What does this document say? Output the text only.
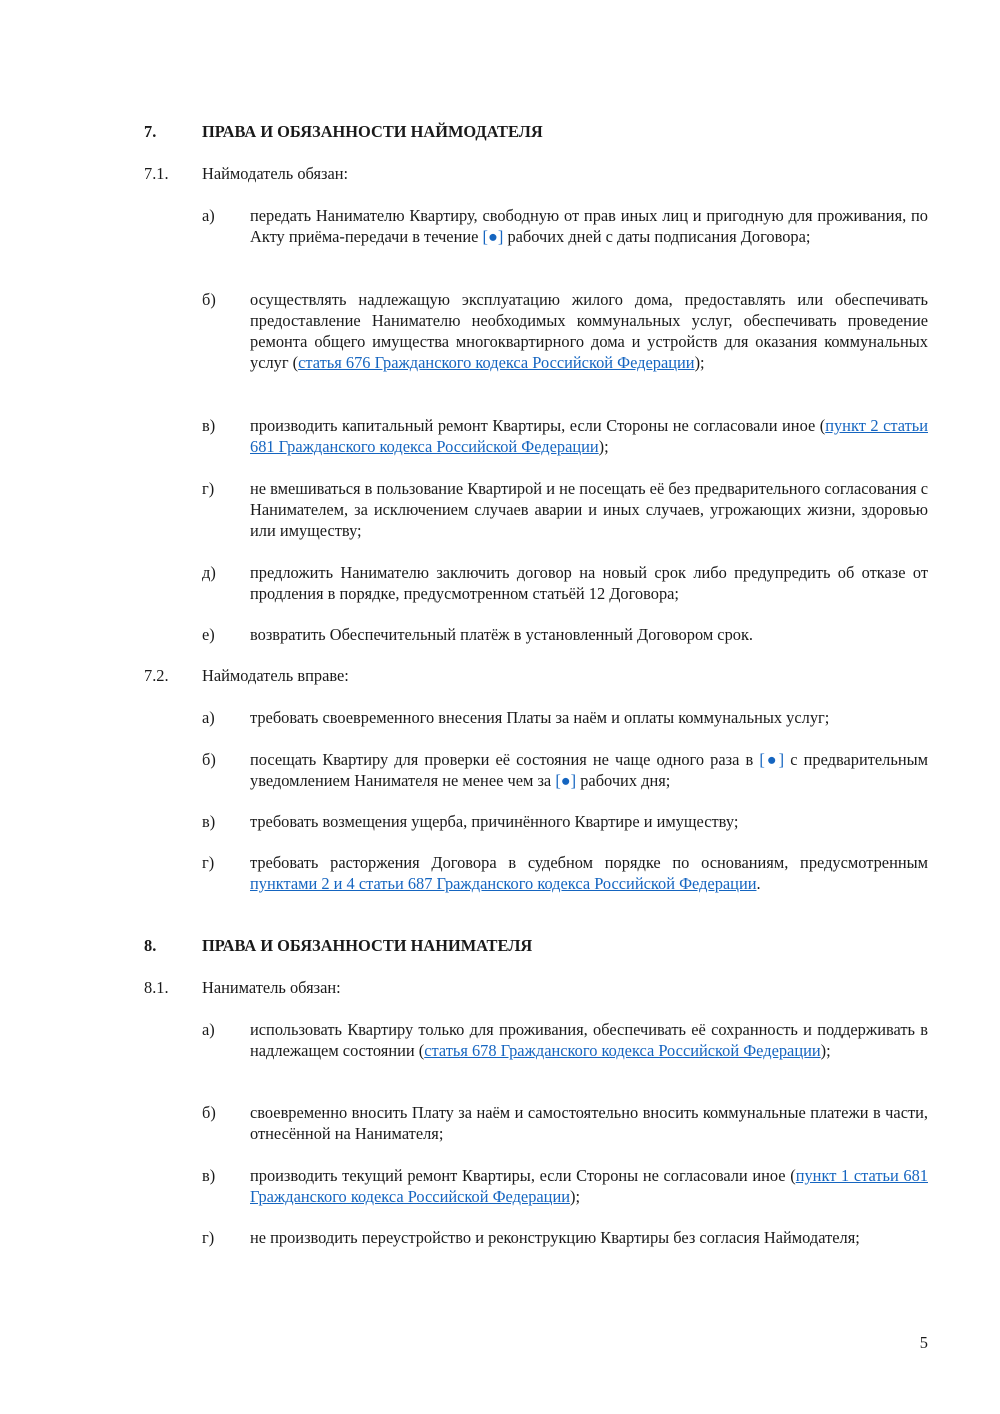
7.	ПРАВА И ОБЯЗАННОСТИ НАЙМОДАТЕЛЯ
7.1. Наймодатель обязан:
а) передать Нанимателю Квартиру, свободную от прав иных лиц и пригодную для проживания, по Акту приёма-передачи в течение [●] рабочих дней с даты подписания Договора;
б) осуществлять надлежащую эксплуатацию жилого дома, предоставлять или обеспечивать предоставление Нанимателю необходимых коммунальных услуг, обеспечивать проведение ремонта общего имущества многоквартирного дома и устройств для оказания коммунальных услуг (статья 676 Гражданского кодекса Российской Федерации);
в) производить капитальный ремонт Квартиры, если Стороны не согласовали иное (пункт 2 статьи 681 Гражданского кодекса Российской Федерации);
г) не вмешиваться в пользование Квартирой и не посещать её без предварительного согласования с Нанимателем, за исключением случаев аварии и иных случаев, угрожающих жизни, здоровью или имуществу;
д) предложить Нанимателю заключить договор на новый срок либо предупредить об отказе от продления в порядке, предусмотренном статьёй 12 Договора;
е) возвратить Обеспечительный платёж в установленный Договором срок.
7.2. Наймодатель вправе:
а) требовать своевременного внесения Платы за наём и оплаты коммунальных услуг;
б) посещать Квартиру для проверки её состояния не чаще одного раза в [●] с предварительным уведомлением Нанимателя не менее чем за [●] рабочих дня;
в) требовать возмещения ущерба, причинённого Квартире и имуществу;
г) требовать расторжения Договора в судебном порядке по основаниям, предусмотренным пунктами 2 и 4 статьи 687 Гражданского кодекса Российской Федерации.
8.	ПРАВА И ОБЯЗАННОСТИ НАНИМАТЕЛЯ
8.1. Наниматель обязан:
а) использовать Квартиру только для проживания, обеспечивать её сохранность и поддерживать в надлежащем состоянии (статья 678 Гражданского кодекса Российской Федерации);
б) своевременно вносить Плату за наём и самостоятельно вносить коммунальные платежи в части, отнесённой на Нанимателя;
в) производить текущий ремонт Квартиры, если Стороны не согласовали иное (пункт 1 статьи 681 Гражданского кодекса Российской Федерации);
г) не производить переустройство и реконструкцию Квартиры без согласия Наймодателя;
5
